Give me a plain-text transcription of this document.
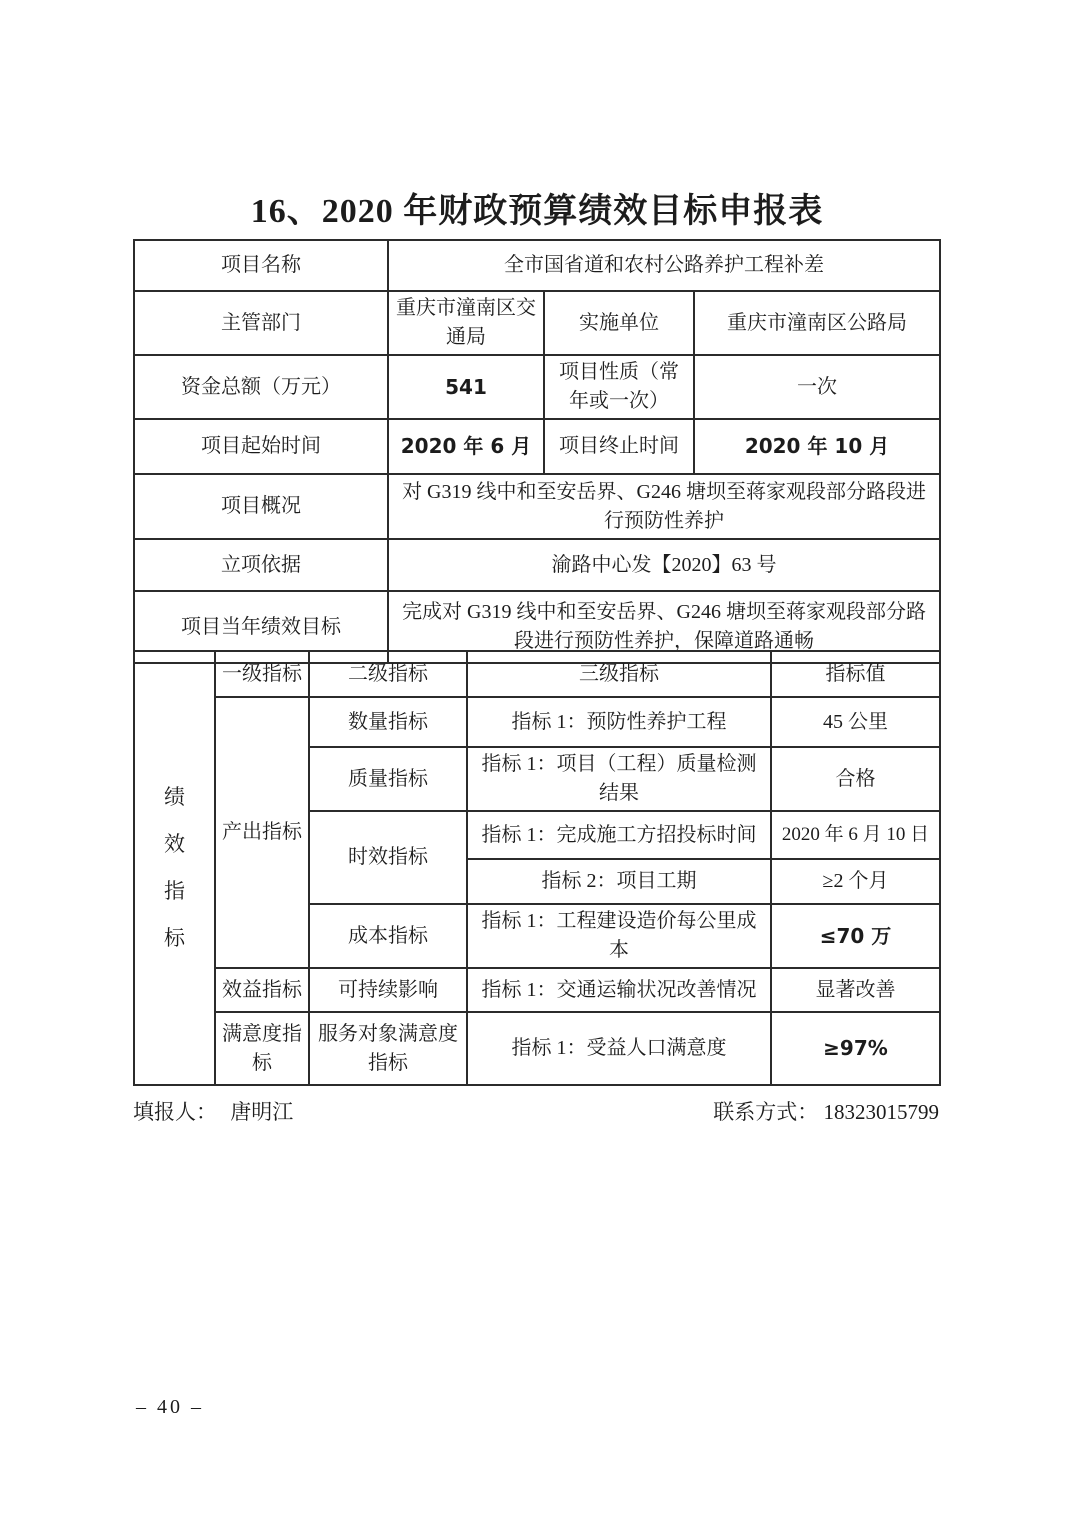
16、2020 年财政预算绩效目标申报表
项目名称	全市国省道和农村公路养护工程补差		
主管部门	重庆市潼南区交通局	实施单位	重庆市潼南区公路局
资金总额（万元）	541	项目性质（常年或一次）	一次
项目起始时间	2020 年 6 月	项目终止时间	2020 年 10 月
项目概况	对 G319 线中和至安岳界、G246 塘坝至蒋家观段部分路段进行预防性养护		
立项依据	渝路中心发【2020】63 号		
项目当年绩效目标	完成对 G319 线中和至安岳界、G246 塘坝至蒋家观段部分路段进行预防性养护，保障道路通畅		
绩效指标	一级指标	二级指标	三级指标	指标值
	产出指标	数量指标	指标 1：预防性养护工程	45 公里
		质量指标	指标 1：项目（工程）质量检测结果	合格
		时效指标	指标 1：完成施工方招投标时间	2020 年 6 月 10 日
			指标 2：项目工期	≥2 个月
		成本指标	指标 1：工程建设造价每公里成本	≤70 万
	效益指标	可持续影响	指标 1：交通运输状况改善情况	显著改善
	满意度指标	服务对象满意度指标	指标 1：受益人口满意度	≥97%
填报人： 唐明江	联系方式： 18323015799
– 40 –
